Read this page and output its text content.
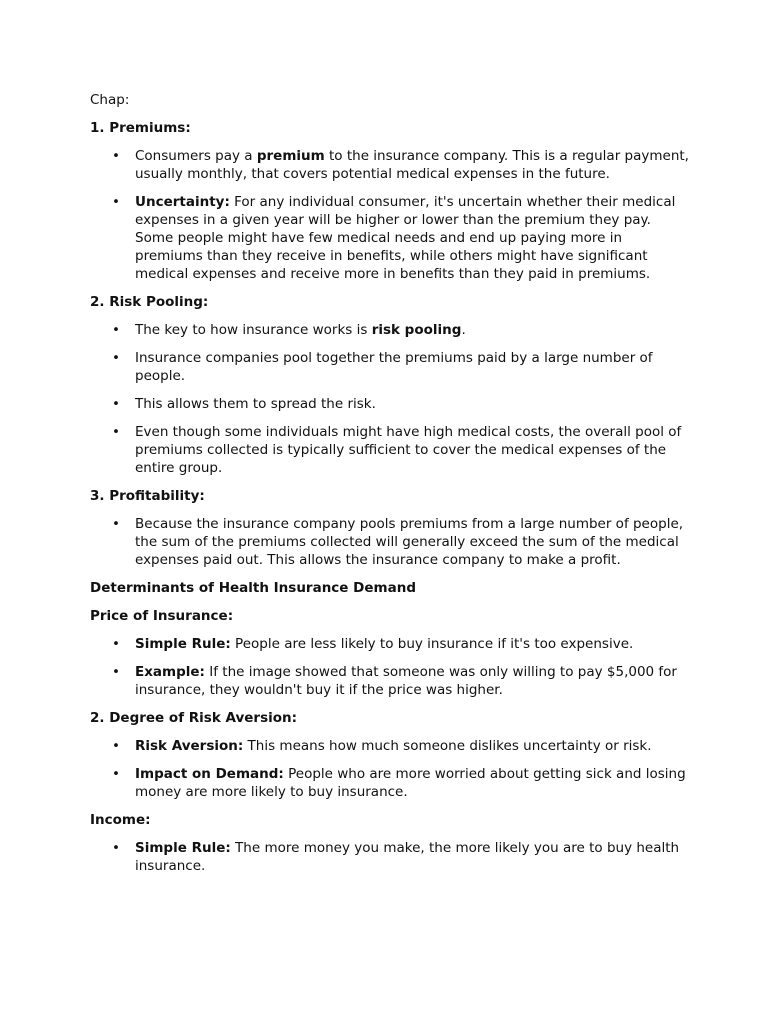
Chap:

1. Premiums:

• Consumers pay a premium to the insurance company. This is a regular payment, usually monthly, that covers potential medical expenses in the future.
• Uncertainty: For any individual consumer, it's uncertain whether their medical expenses in a given year will be higher or lower than the premium they pay. Some people might have few medical needs and end up paying more in premiums than they receive in benefits, while others might have significant medical expenses and receive more in benefits than they paid in premiums.

2. Risk Pooling:

• The key to how insurance works is risk pooling.
• Insurance companies pool together the premiums paid by a large number of people.
• This allows them to spread the risk.
• Even though some individuals might have high medical costs, the overall pool of premiums collected is typically sufficient to cover the medical expenses of the entire group.

3. Profitability:

• Because the insurance company pools premiums from a large number of people, the sum of the premiums collected will generally exceed the sum of the medical expenses paid out. This allows the insurance company to make a profit.

Determinants of Health Insurance Demand

Price of Insurance:

• Simple Rule: People are less likely to buy insurance if it's too expensive.
• Example: If the image showed that someone was only willing to pay $5,000 for insurance, they wouldn't buy it if the price was higher.

2. Degree of Risk Aversion:

• Risk Aversion: This means how much someone dislikes uncertainty or risk.
• Impact on Demand: People who are more worried about getting sick and losing money are more likely to buy insurance.

Income:

• Simple Rule: The more money you make, the more likely you are to buy health insurance.
